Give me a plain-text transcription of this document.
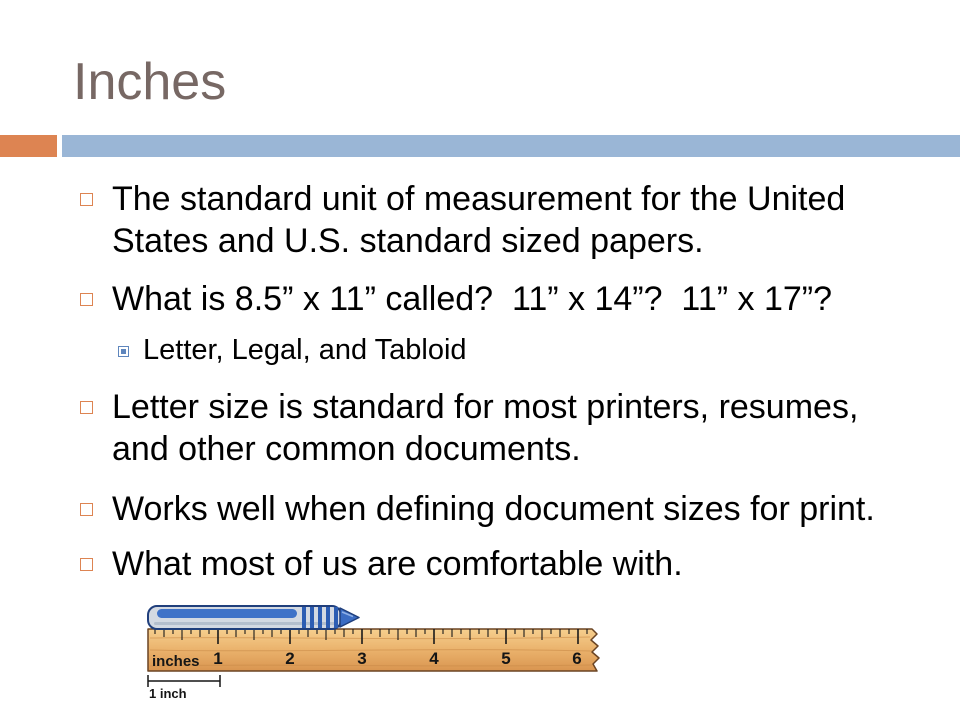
Inches
The standard unit of measurement for the United
States and U.S. standard sized papers.
What is 8.5” x 11” called?  11” x 14”?  11” x 17”?
Letter, Legal, and Tabloid
Letter size is standard for most printers, resumes,
and other common documents.
Works well when defining document sizes for print.
What most of us are comfortable with.
inches 1	2	3	4	5	6
1 inch
